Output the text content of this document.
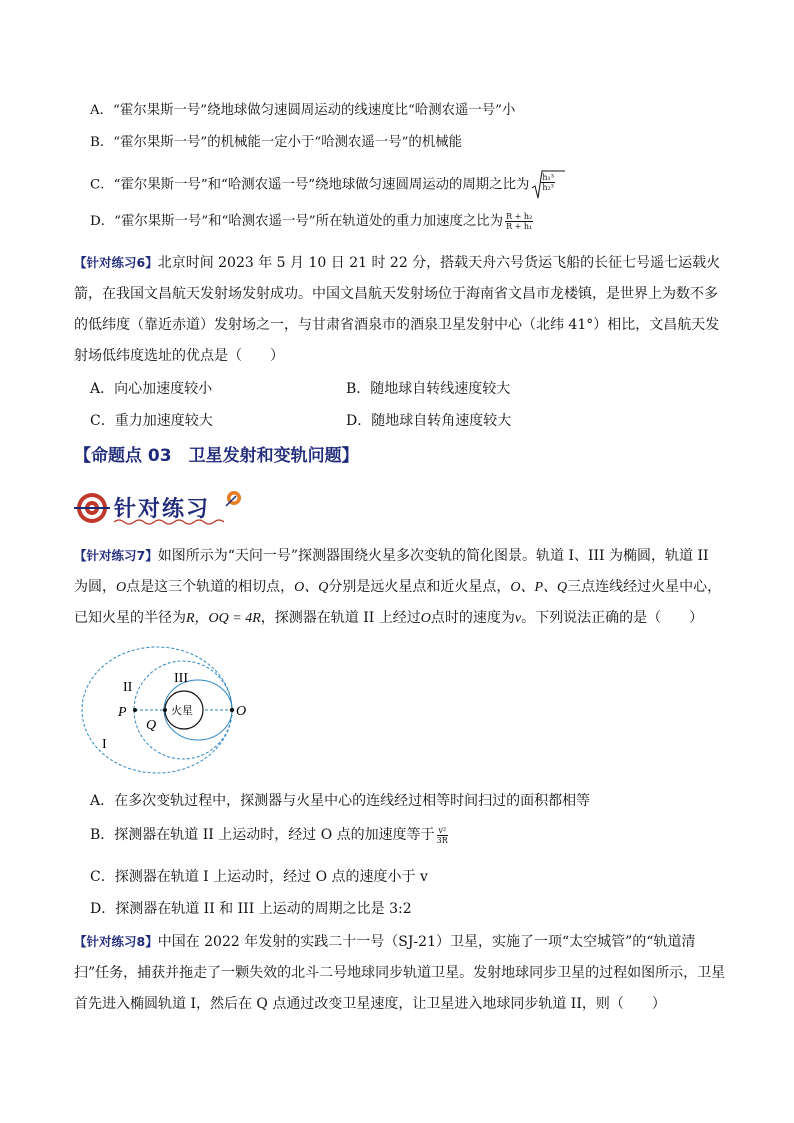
A．“霍尔果斯一号”绕地球做匀速圆周运动的线速度比“哈测农遥一号”小
B．“霍尔果斯一号”的机械能一定小于“哈测农遥一号”的机械能
C．“霍尔果斯一号”和“哈测农遥一号”绕地球做匀速圆周运动的周期之比为 $\frac{\text{h₁³}}{\text{h₂³}}$
D．“霍尔果斯一号”和“哈测农遥一号”所在轨道处的重力加速度之比为 $\frac{\text{R + h₂}}{\text{R + h₁}}$
【针对练习6】北京时间 2023 年 5 月 10 日 21 时 22 分，搭载天舟六号货运飞船的长征七号遥七运载火箭，在我国文昌航天发射场发射成功。中国文昌航天发射场位于海南省文昌市龙楼镇，是世界上为数不多的低纬度（靠近赤道）发射场之一，与甘肃省酒泉市的酒泉卫星发射中心（北纬 41°）相比，文昌航天发射场低纬度选址的优点是（　　）
A．向心加速度较小	B．随地球自转线速度较大
C．重力加速度较大	D．随地球自转角速度较大
【命题点 03　卫星发射和变轨问题】
针对练习
【针对练习7】如图所示为“天问一号”探测器围绕火星多次变轨的简化图景。轨道 I、III 为椭圆，轨道 II 为圆，O点是这三个轨道的相切点，O、Q分别是远火星点和近火星点，O、P、Q三点连线经过火星中心，已知火星的半径为R，OQ = 4R，探测器在轨道 II 上经过O点时的速度为v。下列说法正确的是（　　）
II
III
I
P
Q
O
火星
A．在多次变轨过程中，探测器与火星中心的连线经过相等时间扫过的面积都相等
B．探测器在轨道 II 上运动时，经过 O 点的加速度等于 $\frac{\text{v²}}{3R}$
C．探测器在轨道 I 上运动时，经过 O 点的速度小于 v
D．探测器在轨道 II 和 III 上运动的周期之比是 3:2
【针对练习8】中国在 2022 年发射的实践二十一号（SJ-21）卫星，实施了一项“太空城管”的“轨道清扫”任务，捕获并拖走了一颗失效的北斗二号地球同步轨道卫星。发射地球同步卫星的过程如图所示，卫星首先进入椭圆轨道 I，然后在 Q 点通过改变卫星速度，让卫星进入地球同步轨道 II，则（　　）
